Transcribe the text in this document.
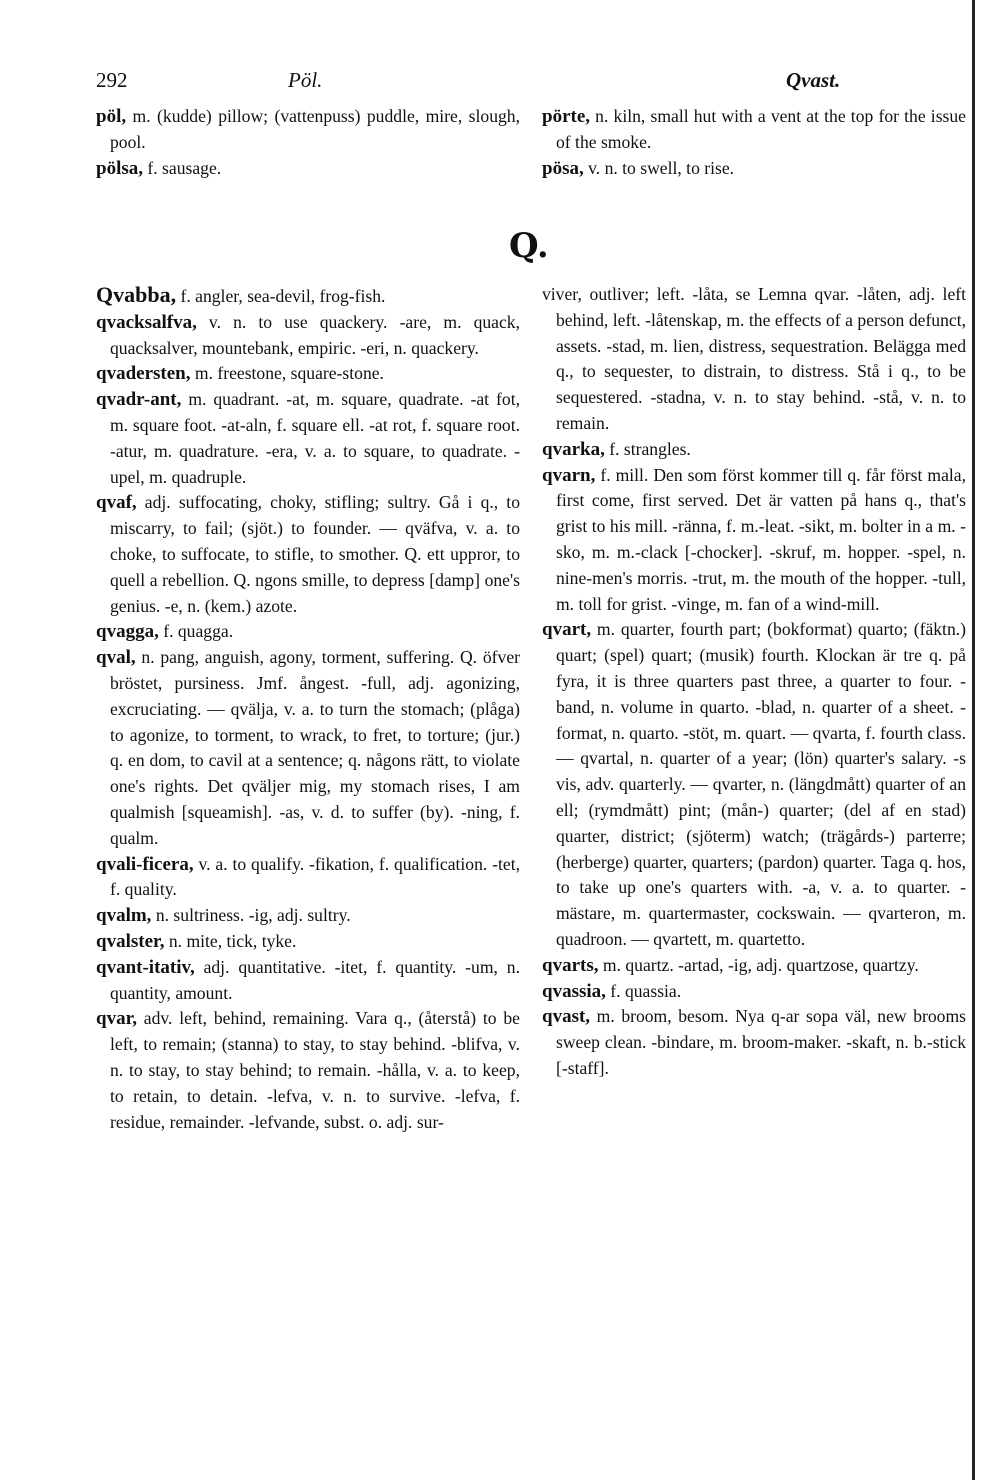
292	Pöl.	Qvast.

pöl, m. (kudde) pillow; (vattenpuss) puddle, mire, slough, pool.

pölsa, f. sausage.

pörte, n. kiln, small hut with a vent at the top for the issue of the smoke.

pösa, v. n. to swell, to rise.

Q.

Qvabba, f. angler, sea-devil, frog-fish.

qvacksalfva, v. n. to use quackery. -are, m. quack, quacksalver, mountebank, empiric. -eri, n. quackery.

qvadersten, m. freestone, square-stone.

qvadr-ant, m. quadrant. -at, m. square, quadrate. -at fot, m. square foot. -at-aln, f. square ell. -at rot, f. square root. -atur, m. quadrature. -era, v. a. to square, to quadrate. -upel, m. quadruple.

qvaf, adj. suffocating, choky, stifling; sultry. Gå i q., to miscarry, to fail; (sjöt.) to founder. — qväfva, v. a. to choke, to suffocate, to stifle, to smother. Q. ett uppror, to quell a rebellion. Q. ngons smille, to depress [damp] one's genius. -e, n. (kem.) azote.

qvagga, f. quagga.

qval, n. pang, anguish, agony, torment, suffering. Q. öfver bröstet, pursiness. Jmf. ångest. -full, adj. agonizing, excruciating. — qvälja, v. a. to turn the stomach; (plåga) to agonize, to torment, to wrack, to fret, to torture; (jur.) q. en dom, to cavil at a sentence; q. någons rätt, to violate one's rights. Det qväljer mig, my stomach rises, I am qualmish [squeamish]. -as, v. d. to suffer (by). -ning, f. qualm.

qvali-ficera, v. a. to qualify. -fikation, f. qualification. -tet, f. quality.

qvalm, n. sultriness. -ig, adj. sultry.

qvalster, n. mite, tick, tyke.

qvant-itativ, adj. quantitative. -itet, f. quantity. -um, n. quantity, amount.

qvar, adv. left, behind, remaining. Vara q., (återstå) to be left, to remain; (stanna) to stay, to stay behind. -blifva, v. n. to stay, to stay behind; to remain. -hålla, v. a. to keep, to retain, to detain. -lefva, v. n. to survive. -lefva, f. residue, remainder. -lefvande, subst. o. adj. sur-

viver, outliver; left. -låta, se Lemna qvar. -låten, adj. left behind, left. -låtenskap, m. the effects of a person defunct, assets. -stad, m. lien, distress, sequestration. Belägga med q., to sequester, to distrain, to distress. Stå i q., to be sequestered. -stadna, v. n. to stay behind. -stå, v. n. to remain.

qvarka, f. strangles.

qvarn, f. mill. Den som först kommer till q. får först mala, first come, first served. Det är vatten på hans q., that's grist to his mill. -ränna, f. m.-leat. -sikt, m. bolter in a m. -sko, m. m.-clack [-chocker]. -skruf, m. hopper. -spel, n. nine-men's morris. -trut, m. the mouth of the hopper. -tull, m. toll for grist. -vinge, m. fan of a wind-mill.

qvart, m. quarter, fourth part; (bokformat) quarto; (fäktn.) quart; (spel) quart; (musik) fourth. Klockan är tre q. på fyra, it is three quarters past three, a quarter to four. -band, n. volume in quarto. -blad, n. quarter of a sheet. -format, n. quarto. -stöt, m. quart. — qvarta, f. fourth class. — qvartal, n. quarter of a year; (lön) quarter's salary. -s vis, adv. quarterly. — qvarter, n. (längdmått) quarter of an ell; (rymdmått) pint; (mån-) quarter; (del af en stad) quarter, district; (sjöterm) watch; (trägårds-) parterre; (herberge) quarter, quarters; (pardon) quarter. Taga q. hos, to take up one's quarters with. -a, v. a. to quarter. -mästare, m. quartermaster, cockswain. — qvarteron, m. quadroon. — qvartett, m. quartetto.

qvarts, m. quartz. -artad, -ig, adj. quartzose, quartzy.

qvassia, f. quassia.

qvast, m. broom, besom. Nya q-ar sopa väl, new brooms sweep clean. -bindare, m. broom-maker. -skaft, n. b.-stick [-staff].
